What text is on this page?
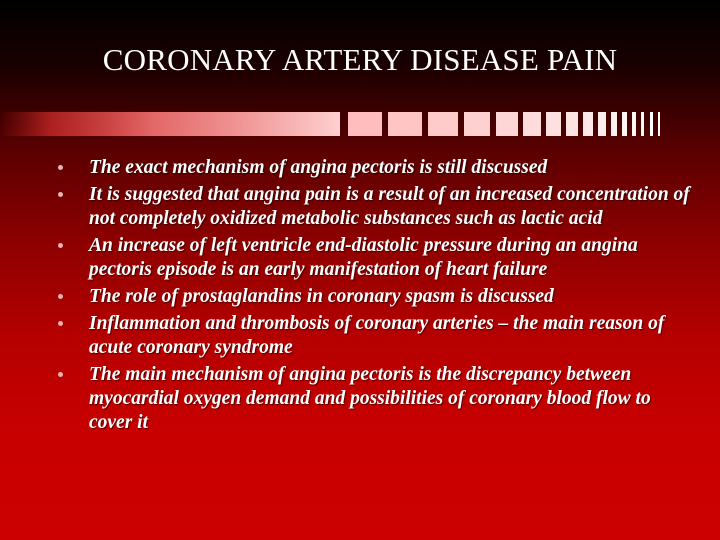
CORONARY ARTERY DISEASE PAIN
The exact mechanism of angina pectoris is still discussed
It is suggested that angina pain is a result of an increased concentration of not completely oxidized metabolic substances such as lactic acid
An increase of left ventricle end-diastolic pressure during an angina pectoris episode is an early manifestation of heart failure
The role of prostaglandins in coronary spasm is discussed
Inflammation and thrombosis of coronary arteries – the main reason of acute coronary syndrome
The main mechanism of angina pectoris is the discrepancy between myocardial oxygen demand and possibilities of coronary blood flow to cover it
